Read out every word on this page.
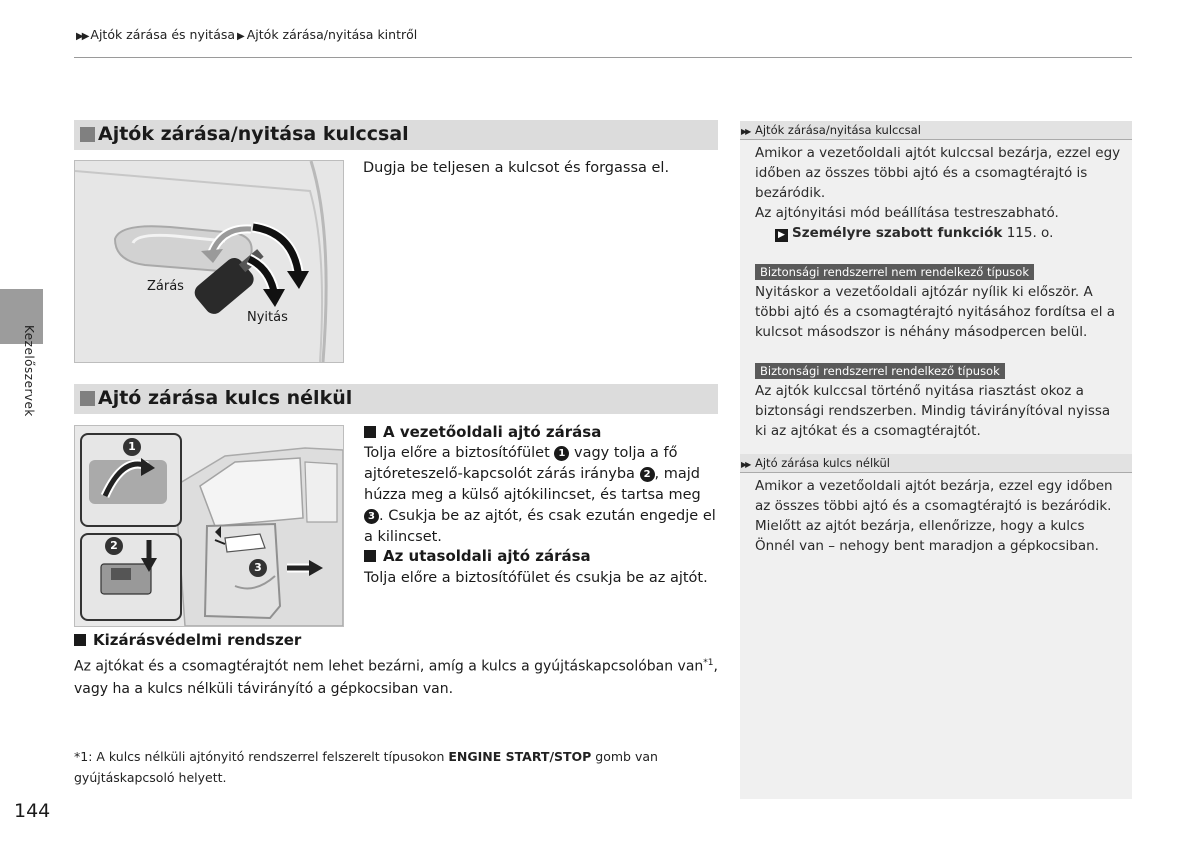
▶▶ Ajtók zárása és nyitása ▶ Ajtók zárása/nyitása kintről
Kezelőszervek
Ajtók zárása/nyitása kulccsal
Zárás
Nyitás
Dugja be teljesen a kulcsot és forgassa el.
Ajtó zárása kulcs nélkül
1
2
3
A vezetőoldali ajtó zárása
Tolja előre a biztosítófület 1 vagy tolja a fő ajtóreteszelő-kapcsolót zárás irányba 2 , majd húzza meg a külső ajtókilincset, és tartsa meg 3 . Csukja be az ajtót, és csak ezután engedje el a kilincset.
Az utasoldali ajtó zárása
Tolja előre a biztosítófület és csukja be az ajtót.
Kizárásvédelmi rendszer
Az ajtókat és a csomagtérajtót nem lehet bezárni, amíg a kulcs a gyújtáskapcsolóban van$^{*1}$, vagy ha a kulcs nélküli távirányító a gépkocsiban van.
*1: A kulcs nélküli ajtónyitó rendszerrel felszerelt típusokon ENGINE START/STOP gomb van gyújtáskapcsoló helyett.
144
▶▶ Ajtók zárása/nyitása kulccsal
Amikor a vezetőoldali ajtót kulccsal bezárja, ezzel egy időben az összes többi ajtó és a csomagtérajtó is bezáródik.
Az ajtónyitási mód beállítása testreszabható.
▶ Személyre szabott funkciók 115. o.
Biztonsági rendszerrel nem rendelkező típusok
Nyitáskor a vezetőoldali ajtózár nyílik ki először. A többi ajtó és a csomagtérajtó nyitásához fordítsa el a kulcsot másodszor is néhány másodpercen belül.
Biztonsági rendszerrel rendelkező típusok
Az ajtók kulccsal történő nyitása riasztást okoz a biztonsági rendszerben. Mindig távirányítóval nyissa ki az ajtókat és a csomagtérajtót.
▶▶ Ajtó zárása kulcs nélkül
Amikor a vezetőoldali ajtót bezárja, ezzel egy időben az összes többi ajtó és a csomagtérajtó is bezáródik. Mielőtt az ajtót bezárja, ellenőrizze, hogy a kulcs Önnél van – nehogy bent maradjon a gépkocsiban.
